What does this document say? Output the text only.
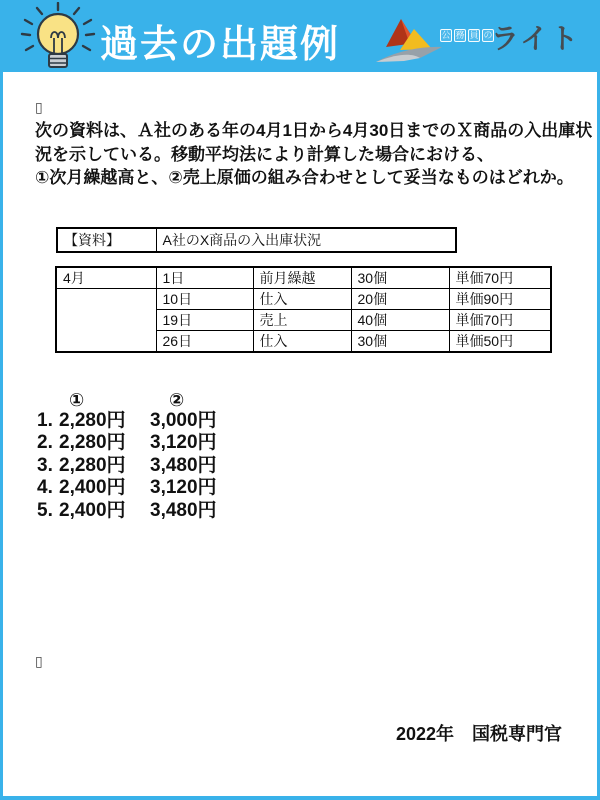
過去の出題例	公 務 員 の
ライト
▯
次の資料は、Ａ社のある年の4月1日から4月30日までのＸ商品の入出庫状
況を示している。移動平均法により計算した場合における、
①次月繰越高と、②売上原価の組み合わせとして妥当なものはどれか。
【資料】	A社のX商品の入出庫状況
4月	1日	前月繰越	30個	単価70円
	10日	仕入	20個	単価90円
	19日	売上	40個	単価70円
	26日	仕入	30個	単価50円
①	②
1. 2,280円	3,000円
2. 2,280円	3,120円
3. 2,280円	3,480円
4. 2,400円	3,120円
5. 2,400円	3,480円
▯
2022年　国税専門官
